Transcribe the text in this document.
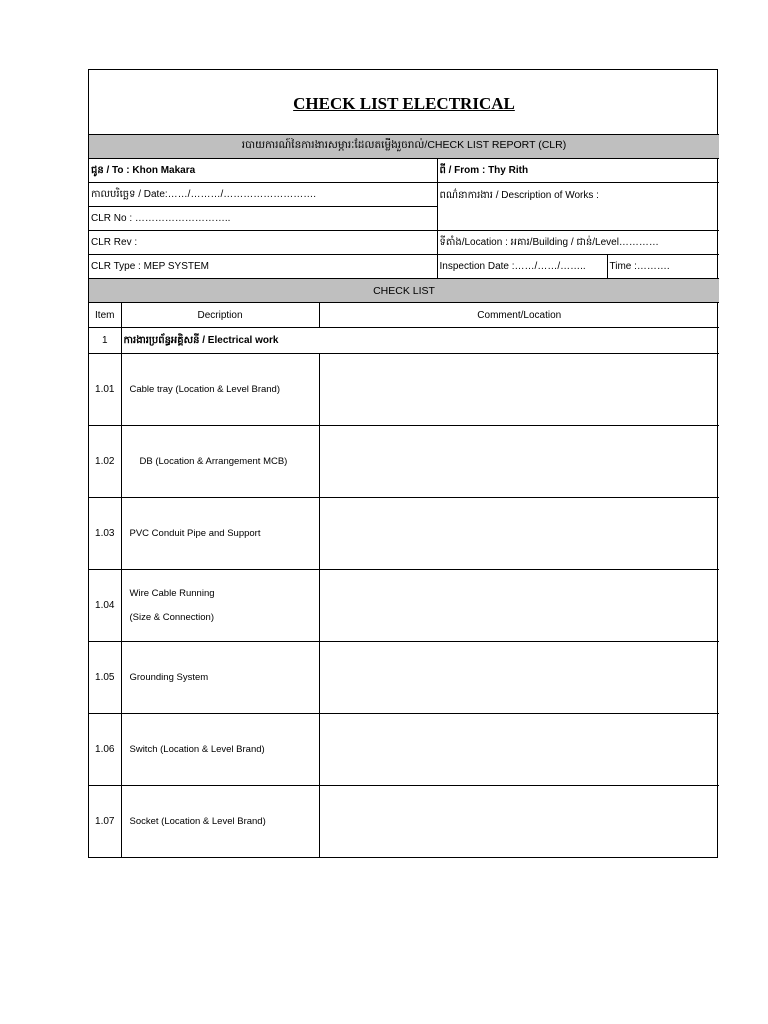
CHECK LIST ELECTRICAL				
របាយការណ៍នៃការងារសម្ភារៈដែលតម្លើងរួចរាល់/CHECK LIST REPORT (CLR)				
ជូន / To : Khon Makara			ពី / From : Thy Rith	
កាលបរិច្ឆេទ / Date:……/………/……………………….			ពណ៌នាការងារ / Description of Works :	
CLR No : ………………………..				
CLR Rev :			ទីតាំង/Location : អគារ/Building / ជាន់/Level…………	
CLR Type : MEP SYSTEM			Inspection Date :……/……/……..	Time :……….
CHECK LIST				
Item	Decription	Comment/Location		
1	ការងារប្រព័ន្ធអគ្គិសនី / Electrical work			
1.01	Cable tray (Location & Level Brand)			
1.02	DB (Location & Arrangement MCB)			
1.03	PVC Conduit Pipe and Support			
1.04	Wire Cable Running
(Size & Connection)			
1.05	Grounding System			
1.06	Switch (Location & Level Brand)			
1.07	Socket (Location & Level Brand)			
